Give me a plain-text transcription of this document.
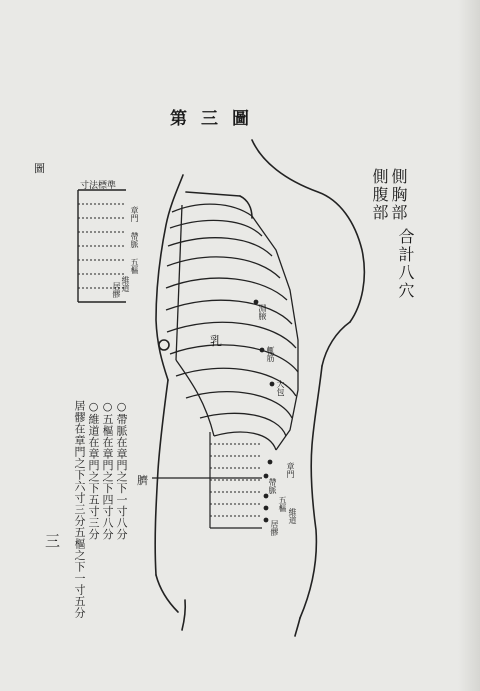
第三圖
圖	側胸部
側腹部
合計八穴
○帶脈在章門之下一寸八分
○五樞在章門之下四寸八分
○維道在章門之下五寸三分
居髎在章門之下六寸三分五樞之下一寸五分
三
寸法標準
章門
帶脈
五樞
維道
居髎
臍
乳
章門
帶脈
五樞
維道
居髎
淵腋
輒筋
大包
